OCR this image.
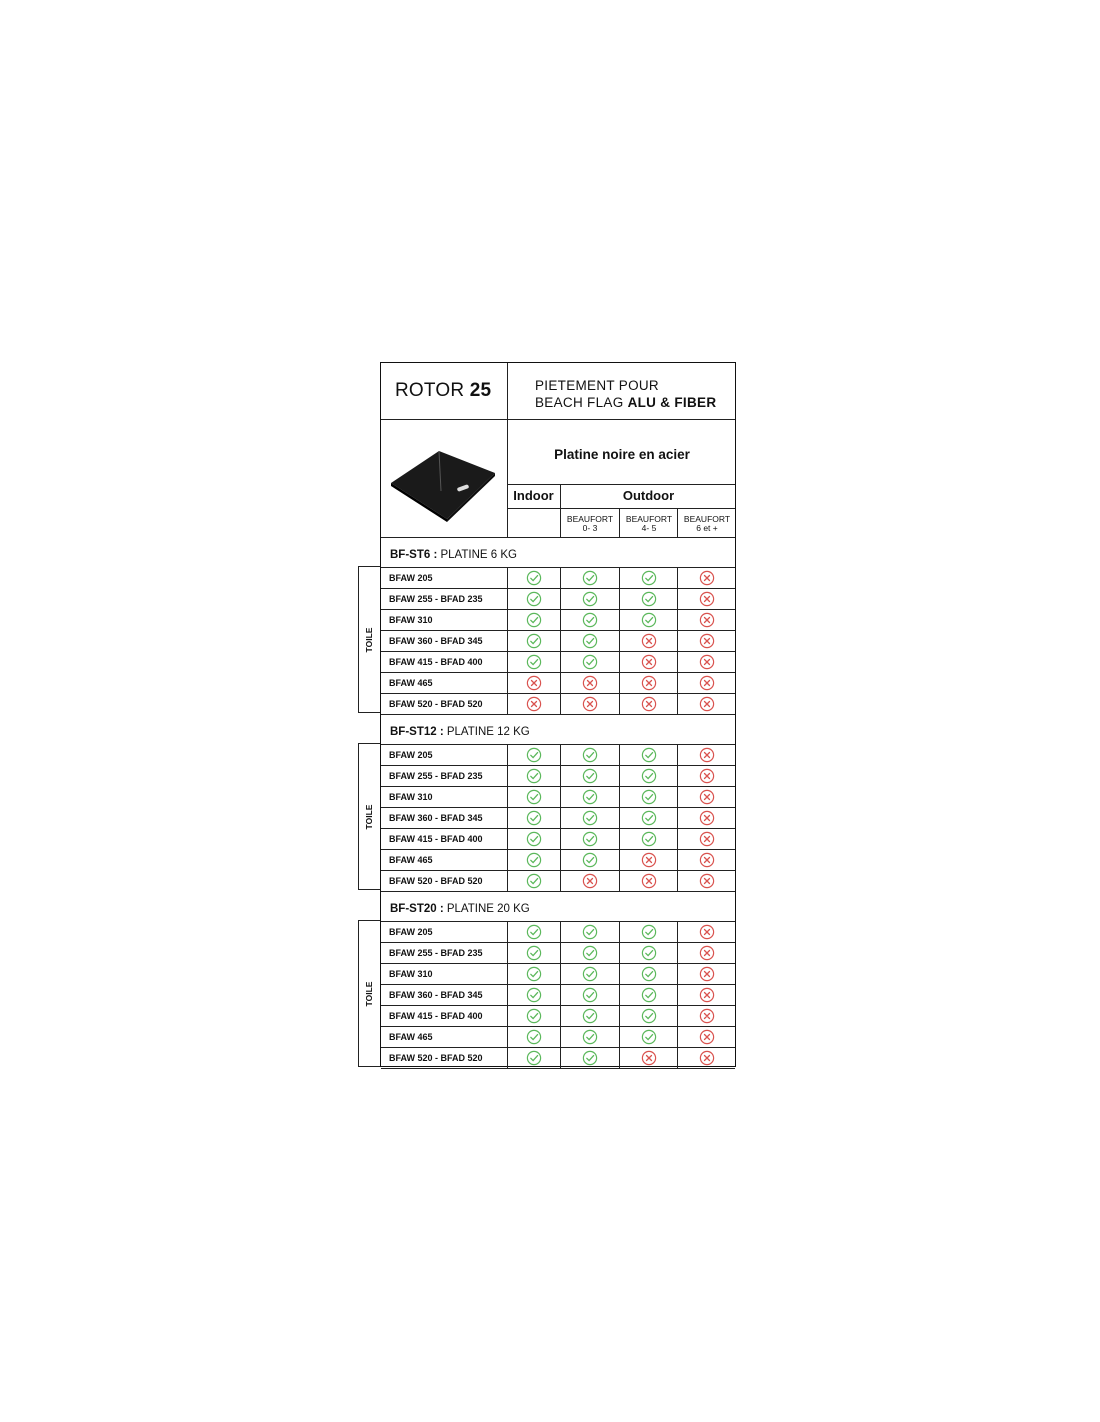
ROTOR 25	PIETEMENT POUR
BEACH FLAG ALU & FIBER
Platine noire en acier
Indoor	Outdoor
BEAUFORT
0- 3
BEAUFORT
4- 5
BEAUFORT
6 et +
BF-ST6 : PLATINE 6 KG
BFAW 205
BFAW 255 - BFAD 235
BFAW 310
BFAW 360 - BFAD 345
BFAW 415 - BFAD 400
BFAW 465
BFAW 520 - BFAD 520
BF-ST12 : PLATINE 12 KG
BFAW 205
BFAW 255 - BFAD 235
BFAW 310
BFAW 360 - BFAD 345
BFAW 415 - BFAD 400
BFAW 465
BFAW 520 - BFAD 520
BF-ST20 : PLATINE 20 KG
BFAW 205
BFAW 255 - BFAD 235
BFAW 310
BFAW 360 - BFAD 345
BFAW 415 - BFAD 400
BFAW 465
BFAW 520 - BFAD 520
TOILE
TOILE
TOILE
